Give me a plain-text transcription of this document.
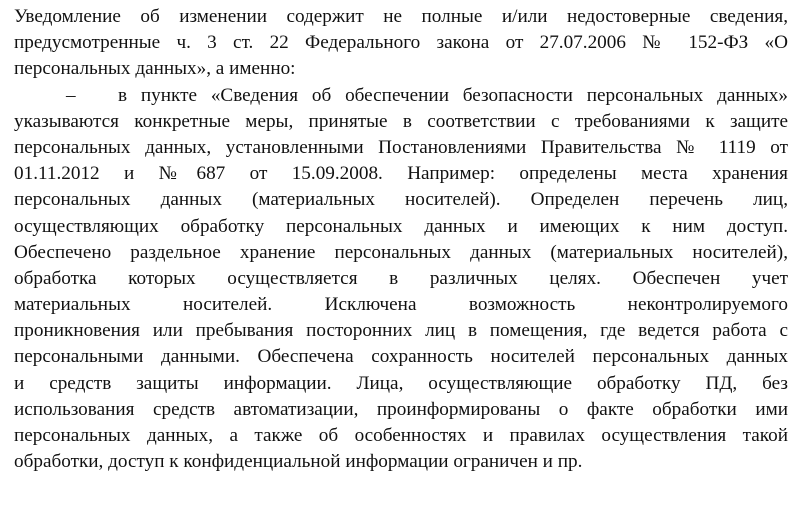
Уведомление об изменении содержит не полные и/или недостоверные сведения,
предусмотренные ч. 3 ст. 22 Федерального закона от 27.07.2006 № 152-ФЗ «О
персональных данных», а именно:
–	в пункте «Сведения об обеспечении безопасности персональных данных»
указываются конкретные меры, принятые в соответствии с требованиями к защите
персональных данных, установленными Постановлениями Правительства № 1119 от
01.11.2012 и №687 от 15.09.2008. Например: определены места хранения
персональных данных (материальных носителей). Определен перечень лиц,
осуществляющих обработку персональных данных и имеющих к ним доступ.
Обеспечено раздельное хранение персональных данных (материальных носителей),
обработка которых осуществляется в различных целях. Обеспечен учет
материальных носителей. Исключена возможность неконтролируемого
проникновения или пребывания посторонних лиц в помещения, где ведется работа с
персональными данными. Обеспечена сохранность носителей персональных данных
и средств защиты информации. Лица, осуществляющие обработку ПД, без
использования средств автоматизации, проинформированы о факте обработки ими
персональных данных, а также об особенностях и правилах осуществления такой
обработки, доступ к конфиденциальной информации ограничен и пр.
